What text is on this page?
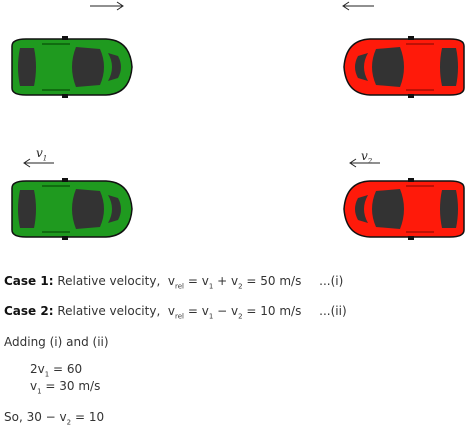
$v_1$	$v_2$
Case 1: Relative velocity, $v_{rel} = v_1 + v_2 = 50$ m/s ...(i)
Case 2: Relative velocity, $v_{rel} = v_1 - v_2 = 10$ m/s ...(ii)
Adding (i) and (ii)
$2v_1 = 60$
$v_1 = 30$ m/s
So, $30 - v_2 = 10$
